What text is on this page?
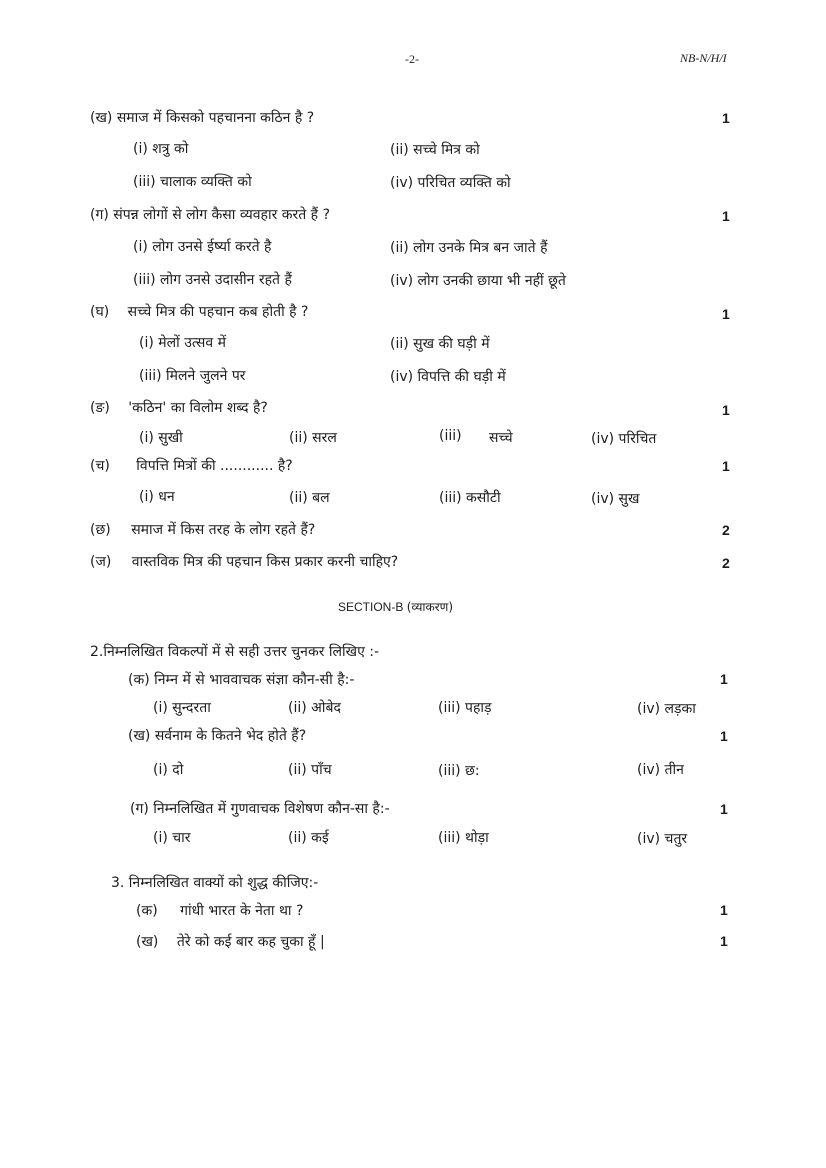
-2-	NB-N/H/I
(ख) समाज में किसको पहचानना कठिन है ?	1
(i) शत्रु को	(ii) सच्चे मित्र को
(iii) चालाक व्यक्ति को	(iv) परिचित व्यक्ति को
(ग) संपन्न लोगों से लोग कैसा व्यवहार करते हैं ?	1
(i) लोग उनसे ईर्ष्या करते है	(ii) लोग उनके मित्र बन जाते हैं
(iii) लोग उनसे उदासीन रहते हैं	(iv) लोग उनकी छाया भी नहीं छूते
(घ) सच्चे मित्र की पहचान कब होती है ?	1
(i) मेलों उत्सव में	(ii) सुख की घड़ी में
(iii) मिलने जुलने पर	(iv) विपत्ति की घड़ी में
(ङ) 'कठिन' का विलोम शब्द है?	1
(i) सुखी	(ii) सरल	(iii) सच्चे	(iv) परिचित
(च) विपत्ति मित्रों की ............ है?	1
(i) धन	(ii) बल	(iii) कसौटी	(iv) सुख
(छ) समाज में किस तरह के लोग रहते हैं?	2
(ज) वास्तविक मित्र की पहचान किस प्रकार करनी चाहिए?	2
SECTION-B (व्याकरण)
2.निम्नलिखित विकल्पों में से सही उत्तर चुनकर लिखिए :-
(क) निम्न में से भाववाचक संज्ञा कौन-सी है:-	1
(i) सुन्दरता	(ii) ओबेद	(iii) पहाड़	(iv) लड़का
(ख) सर्वनाम के कितने भेद होते हैं?	1
(i) दो	(ii) पाँच	(iii) छ:	(iv) तीन
(ग) निम्नलिखित में गुणवाचक विशेषण कौन-सा है:-	1
(i) चार	(ii) कई	(iii) थोड़ा	(iv) चतुर
3. निम्नलिखित वाक्यों को शुद्ध कीजिए:-
(क) गांधी भारत के नेता था ?	1
(ख) तेरे को कई बार कह चुका हूँ |	1
